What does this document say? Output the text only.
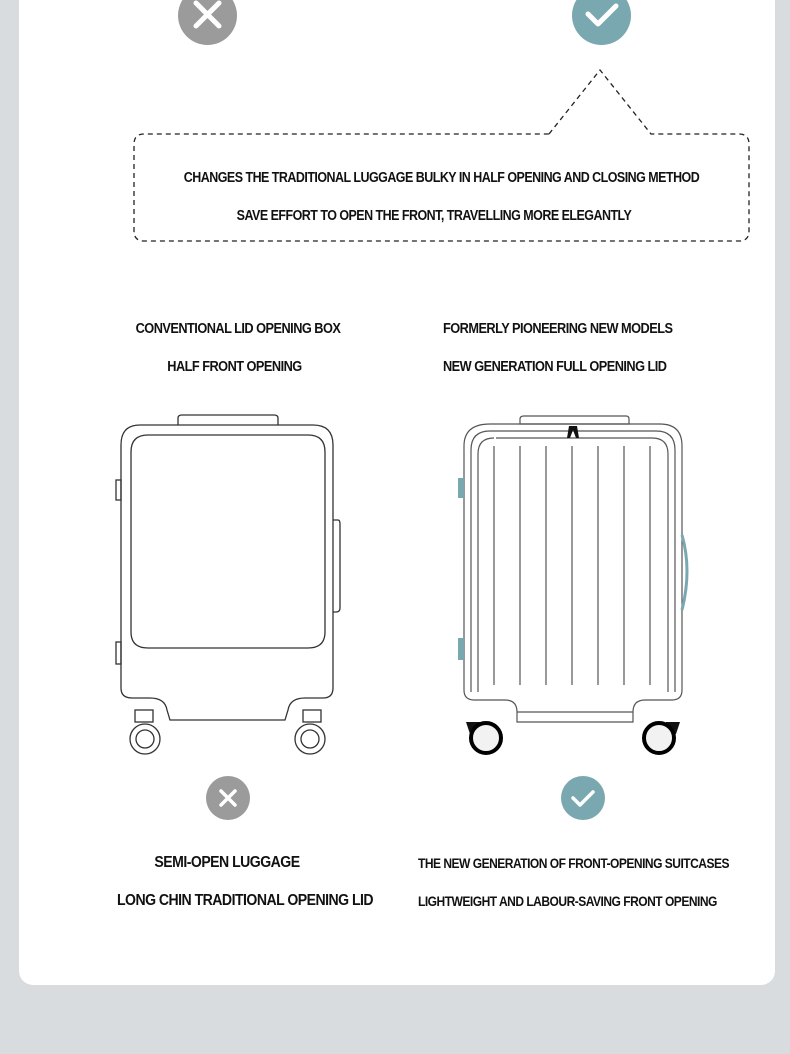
CHANGES THE TRADITIONAL LUGGAGE BULKY IN HALF OPENING AND CLOSING METHOD
SAVE EFFORT TO OPEN THE FRONT, TRAVELLING MORE ELEGANTLY
CONVENTIONAL LID OPENING BOX
HALF FRONT OPENING
FORMERLY PIONEERING NEW MODELS
NEW GENERATION FULL OPENING LID
SEMI-OPEN LUGGAGE
LONG CHIN TRADITIONAL OPENING LID
THE NEW GENERATION OF FRONT-OPENING SUITCASES
LIGHTWEIGHT AND LABOUR-SAVING FRONT OPENING
